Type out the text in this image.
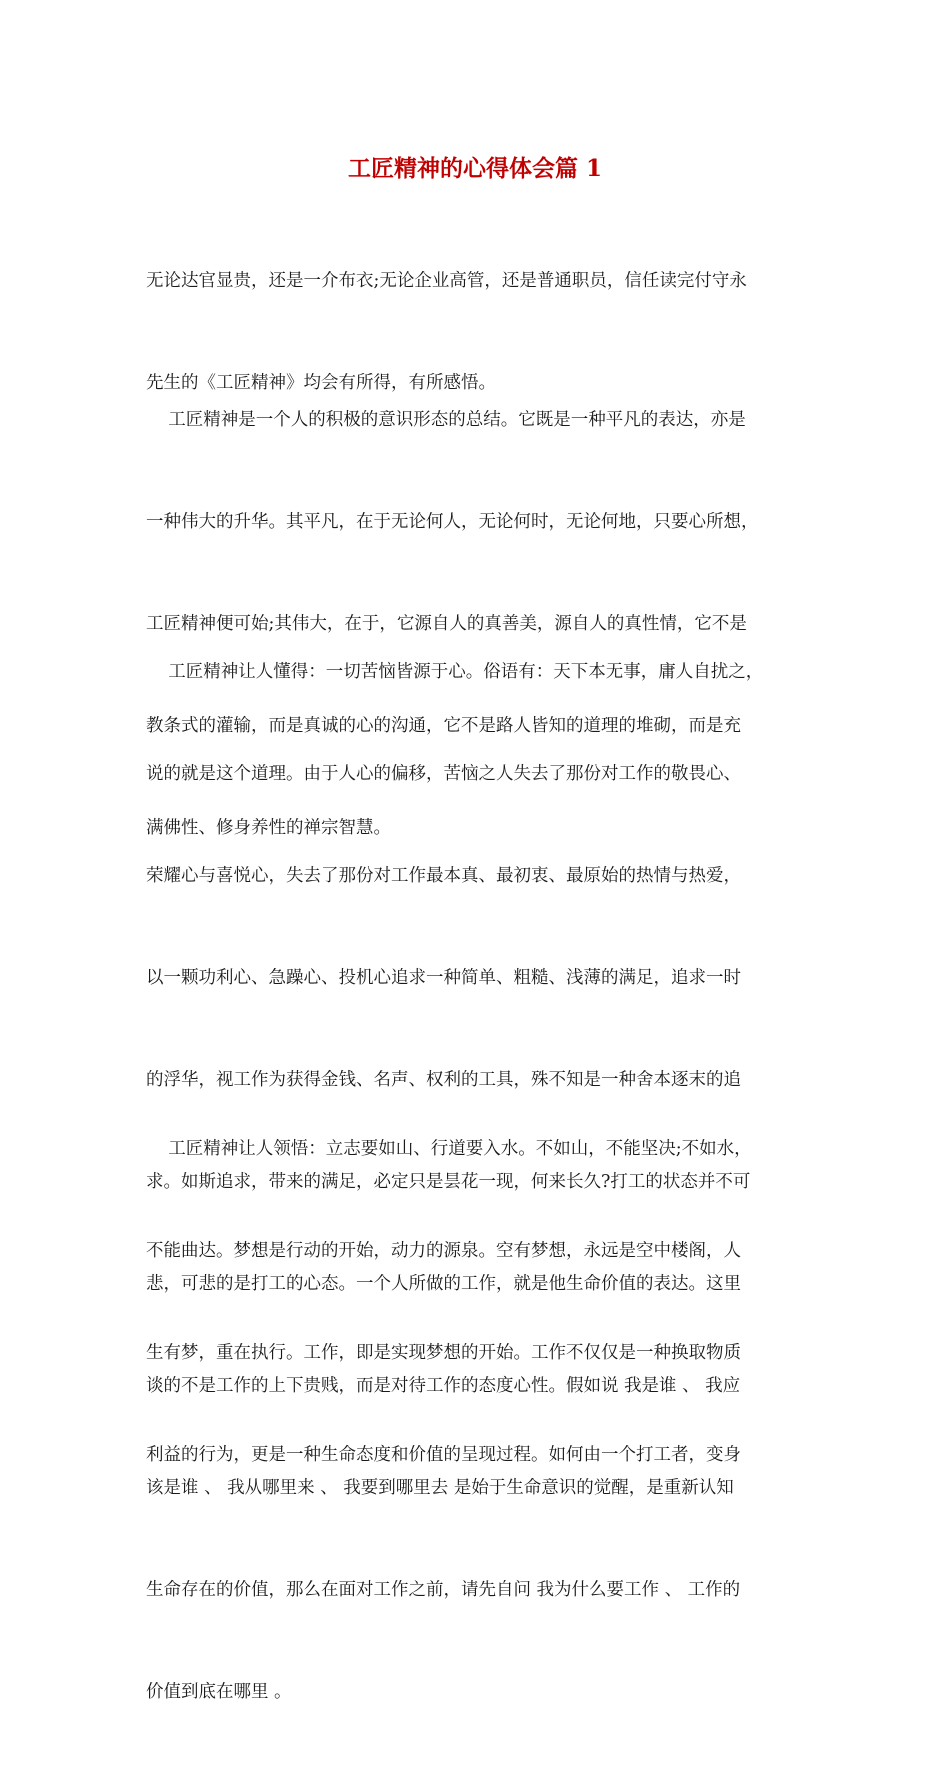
工匠精神的心得体会篇 1

无论达官显贵，还是一介布衣;无论企业高管，还是普通职员，信任读完付守永

先生的《工匠精神》均会有所得，有所感悟。

工匠精神是一个人的积极的意识形态的总结。它既是一种平凡的表达，亦是

一种伟大的升华。其平凡，在于无论何人，无论何时，无论何地，只要心所想，

工匠精神便可始;其伟大，在于，它源自人的真善美，源自人的真性情，它不是

教条式的灌输，而是真诚的心的沟通，它不是路人皆知的道理的堆砌，而是充

满佛性、修身养性的禅宗智慧。

工匠精神让人懂得：一切苦恼皆源于心。俗语有：天下本无事，庸人自扰之，

说的就是这个道理。由于人心的偏移，苦恼之人失去了那份对工作的敬畏心、

荣耀心与喜悦心，失去了那份对工作最本真、最初衷、最原始的热情与热爱，

以一颗功利心、急躁心、投机心追求一种简单、粗糙、浅薄的满足，追求一时

的浮华，视工作为获得金钱、名声、权利的工具，殊不知是一种舍本逐末的追

求。如斯追求，带来的满足，必定只是昙花一现，何来长久?打工的状态并不可

悲，可悲的是打工的心态。一个人所做的工作，就是他生命价值的表达。这里

谈的不是工作的上下贵贱，而是对待工作的态度心性。假如说 我是谁 、 我应

该是谁 、 我从哪里来 、 我要到哪里去 是始于生命意识的觉醒，是重新认知

生命存在的价值，那么在面对工作之前，请先自问 我为什么要工作 、 工作的

价值到底在哪里 。

工匠精神让人领悟：立志要如山、行道要入水。不如山，不能坚决;不如水，

不能曲达。梦想是行动的开始，动力的源泉。空有梦想，永远是空中楼阁，人

生有梦，重在执行。工作，即是实现梦想的开始。工作不仅仅是一种换取物质

利益的行为，更是一种生命态度和价值的呈现过程。如何由一个打工者，变身
